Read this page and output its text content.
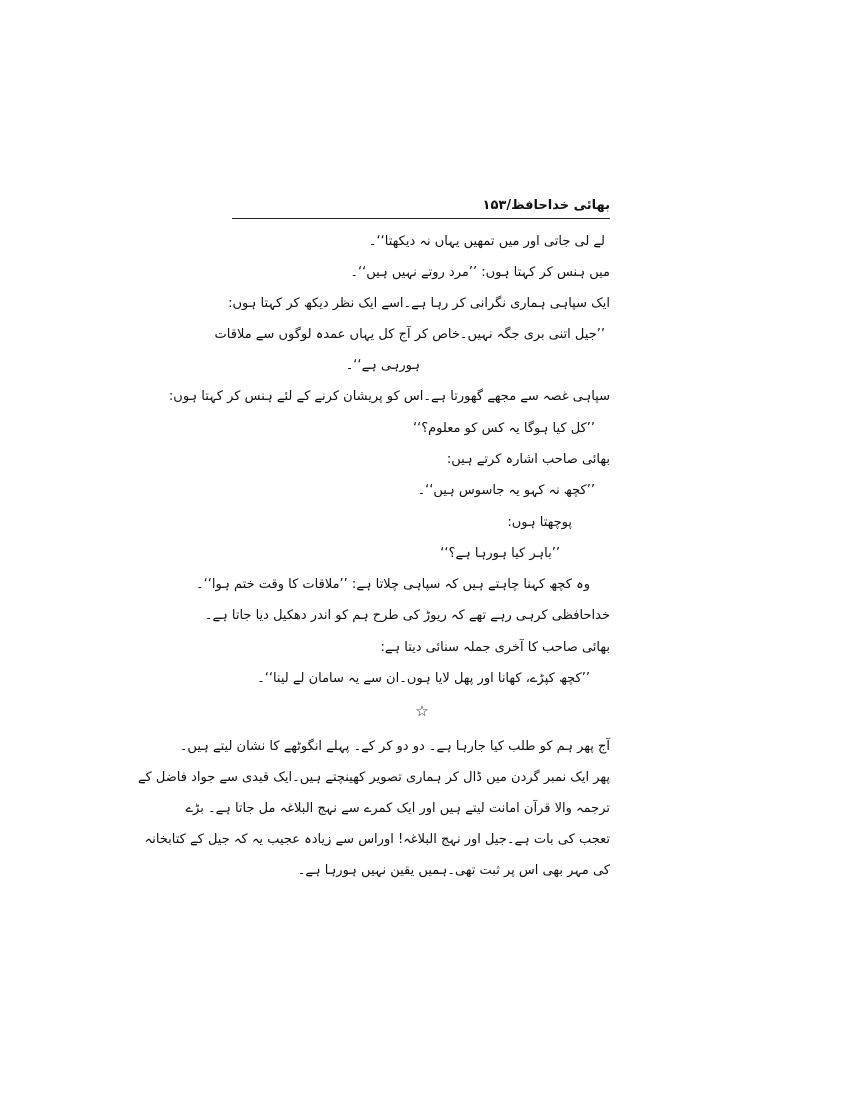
بھائی خداحافظ/۱۵۳
لے لی جاتی اور میں تمھیں یہاں نہ دیکھتا‘‘۔
میں ہنس کر کہتا ہوں: ’’مرد روتے نہیں ہیں‘‘۔
ایک سپاہی ہماری نگرانی کر رہا ہے۔اسے ایک نظر دیکھ کر کہتا ہوں:
’’جیل اتنی بری جگہ نہیں۔خاص کر آج کل یہاں عمدہ لوگوں سے ملاقات
ہورہی ہے‘‘۔
سپاہی غصہ سے مجھے گھورتا ہے۔اس کو پریشان کرنے کے لئے ہنس کر کہتا ہوں:
’’کل کیا ہوگا یہ کس کو معلوم؟‘‘
بھائی صاحب اشارہ کرتے ہیں:
’’کچھ نہ کہو یہ جاسوس ہیں‘‘۔
پوچھتا ہوں:
’’باہر کیا ہورہا ہے؟‘‘
وہ کچھ کہنا چاہتے ہیں کہ سپاہی چلاتا ہے: ’’ملاقات کا وقت ختم ہوا‘‘۔
خداحافظی کرہی رہے تھے کہ ریوڑ کی طرح ہم کو اندر دھکیل دیا جاتا ہے۔
بھائی صاحب کا آخری جملہ سنائی دیتا ہے:
’’کچھ کپڑے، کھانا اور پھل لایا ہوں۔ان سے یہ سامان لے لینا‘‘۔
☆
آج پھر ہم کو طلب کیا جارہا ہے۔ دو دو کر کے۔ پہلے انگوٹھے کا نشان لیتے ہیں۔
پھر ایک نمبر گردن میں ڈال کر ہماری تصویر کھینچتے ہیں۔ایک قیدی سے جواد فاضل کے
ترجمہ والا قرآن امانت لیتے ہیں اور ایک کمرے سے نہج البلاغہ مل جاتا ہے۔ بڑے
تعجب کی بات ہے۔جیل اور نہج البلاغہ! اوراس سے زیادہ عجیب یہ کہ جیل کے کتابخانہ
کی مہر بھی اس پر ثبت تھی۔ہمیں یقین نہیں ہورہا ہے۔
